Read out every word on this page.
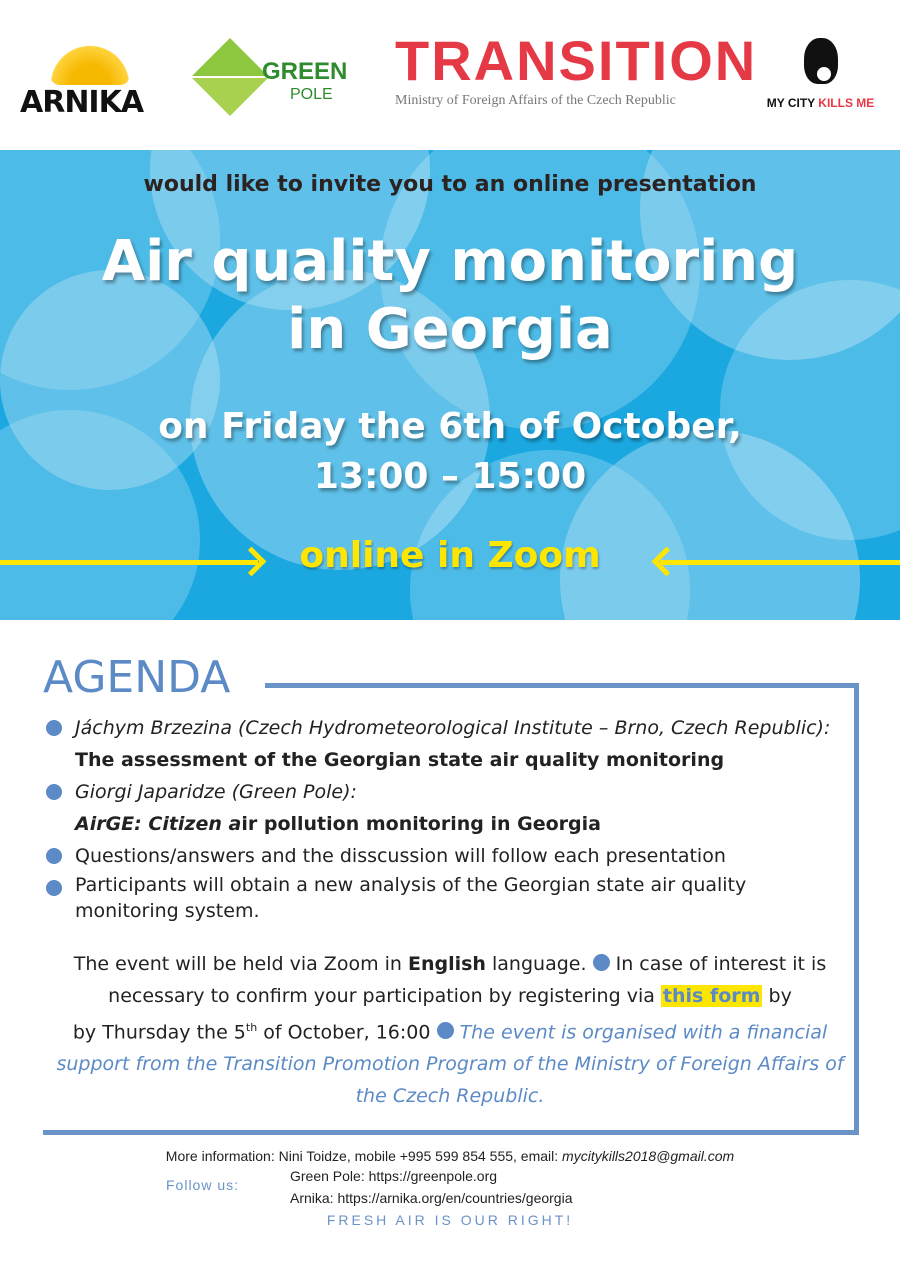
ARNIKA
GREEN
POLE
TRANSITION
Ministry of Foreign Affairs of the Czech Republic	MY CITY KILLS ME
would like to invite you to an online presentation
Air quality monitoring
in Georgia
on Friday the 6th of October,
13:00 – 15:00
online in Zoom
AGENDA
Jáchym Brzezina (Czech Hydrometeorological Institute – Brno, Czech Republic): The assessment of the Georgian state air quality monitoring
Giorgi Japaridze (Green Pole):
AirGE: Citizen air pollution monitoring in Georgia
Questions/answers and the disscussion will follow each presentation
Participants will obtain a new analysis of the Georgian state air quality monitoring system.
The event will be held via Zoom in English language. In case of interest it is necessary to confirm your participation by registering via this form by
by Thursday the 5th of October, 16:00 The event is organised with a financial support from the Transition Promotion Program of the Ministry of Foreign Affairs of the Czech Republic.
More information: Nini Toidze, mobile +995 599 854 555, email: mycitykills2018@gmail.com
Follow us:
Green Pole: https://greenpole.org
Arnika: https://arnika.org/en/countries/georgia
FRESH AIR IS OUR RIGHT!
